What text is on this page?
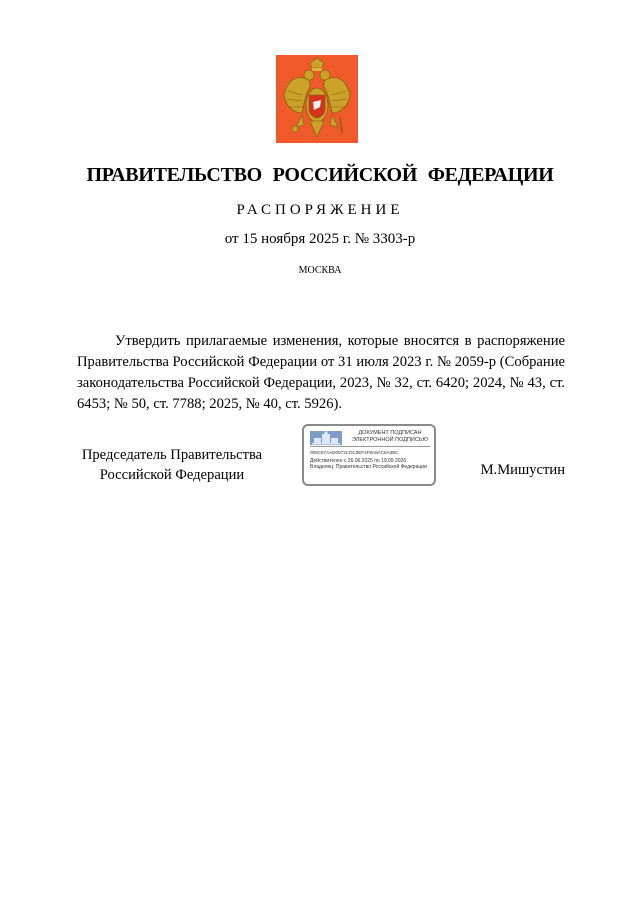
ПРАВИТЕЛЬСТВО РОССИЙСКОЙ ФЕДЕРАЦИИ
РАСПОРЯЖЕНИЕ
от 15 ноября 2025 г. № 3303-р
МОСКВА

Утвердить прилагаемые изменения, которые вносятся в распоряжение Правительства Российской Федерации от 31 июля 2023 г. № 2059-р (Собрание законодательства Российской Федерации, 2023, № 32, ст. 6420; 2024, № 43, ст. 6453; № 50, ст. 7788; 2025, № 40, ст. 5926).

Председатель Правительства
Российской Федерации
ДОКУМЕНТ ПОДПИСАН
ЭЛЕКТРОННОЙ ПОДПИСЬЮ
008C87AAD0972CDC0EF4F8A8AC8A3BC
Действителен с 26.06.2025 по 19.09.2026
Владелец: Правительство Российской Федерации	М.Мишустин
